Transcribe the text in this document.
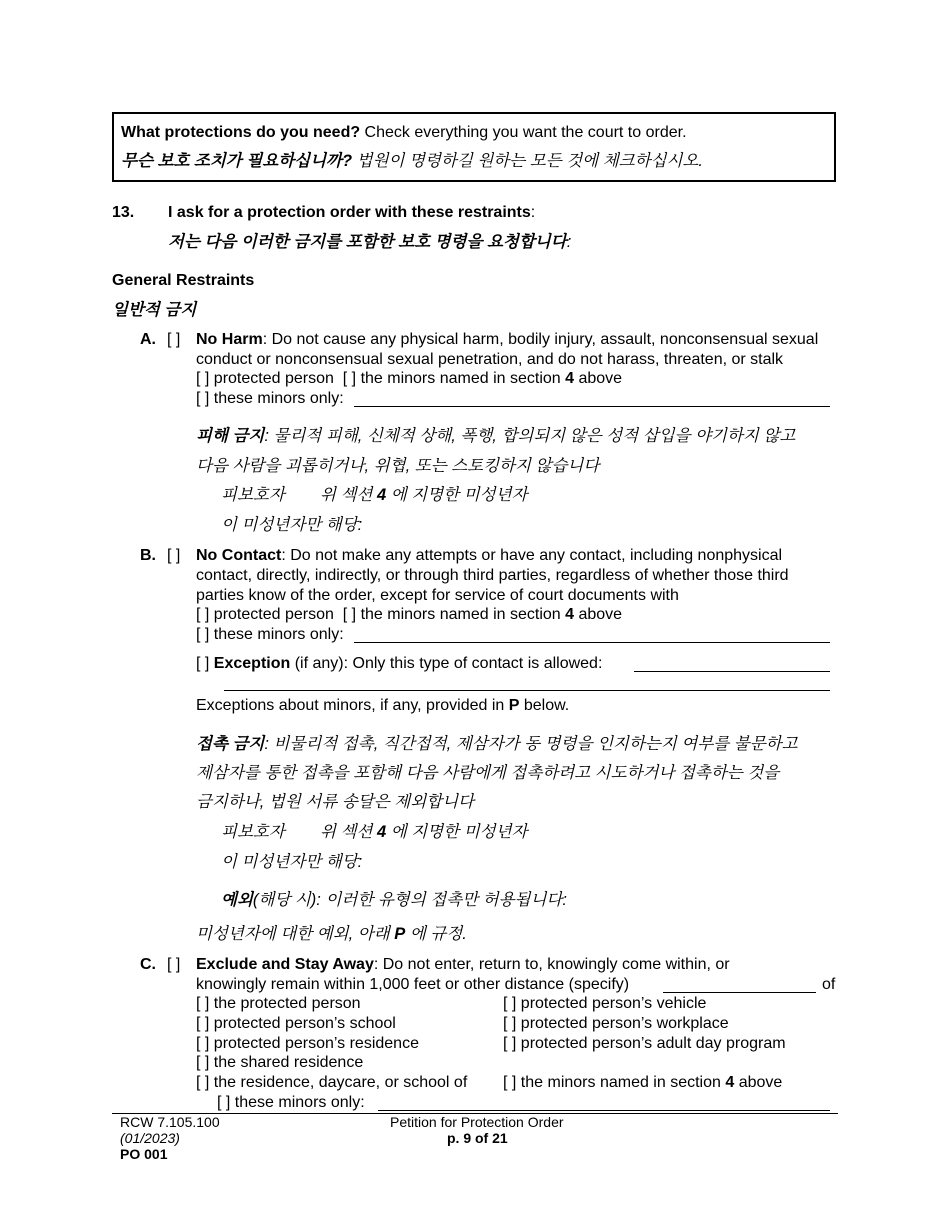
What protections do you need? Check everything you want the court to order.
무슨 보호 조치가 필요하십니까? 법원이 명령하길 원하는 모든 것에 체크하십시오.
13. I ask for a protection order with these restraints:
저는 다음 이러한 금지를 포함한 보호 명령을 요청합니다:
General Restraints
일반적 금지
A. [ ] No Harm: Do not cause any physical harm, bodily injury, assault, nonconsensual sexual
conduct or nonconsensual sexual penetration, and do not harass, threaten, or stalk
[ ] protected person [ ] the minors named in section 4 above
[ ] these minors only:
피해 금지: 물리적 피해, 신체적 상해, 폭행, 합의되지 않은 성적 삽입을 야기하지 않고
다음 사람을 괴롭히거나, 위협, 또는 스토킹하지 않습니다
피보호자 위 섹션 4 에 지명한 미성년자
이 미성년자만 해당:
B. [ ] No Contact: Do not make any attempts or have any contact, including nonphysical
contact, directly, indirectly, or through third parties, regardless of whether those third
parties know of the order, except for service of court documents with
[ ] protected person [ ] the minors named in section 4 above
[ ] these minors only:
[ ] Exception (if any): Only this type of contact is allowed:
Exceptions about minors, if any, provided in P below.
접촉 금지: 비물리적 접촉, 직간접적, 제삼자가 동 명령을 인지하는지 여부를 불문하고
제삼자를 통한 접촉을 포함해 다음 사람에게 접촉하려고 시도하거나 접촉하는 것을
금지하나, 법원 서류 송달은 제외합니다
피보호자 위 섹션 4 에 지명한 미성년자
이 미성년자만 해당:
예외(해당 시): 이러한 유형의 접촉만 허용됩니다:
미성년자에 대한 예외, 아래 P 에 규정.
C. [ ] Exclude and Stay Away: Do not enter, return to, knowingly come within, or
knowingly remain within 1,000 feet or other distance (specify)	of
[ ] the protected person
[ ] protected person’s school
[ ] protected person’s residence
[ ] the shared residence
[ ] the residence, daycare, or school of
[ ] protected person’s vehicle
[ ] protected person’s workplace
[ ] protected person’s adult day program
[ ] the minors named in section 4 above
[ ] these minors only:
RCW 7.105.100
(01/2023)
PO 001
Petition for Protection Order
p. 9 of 21
